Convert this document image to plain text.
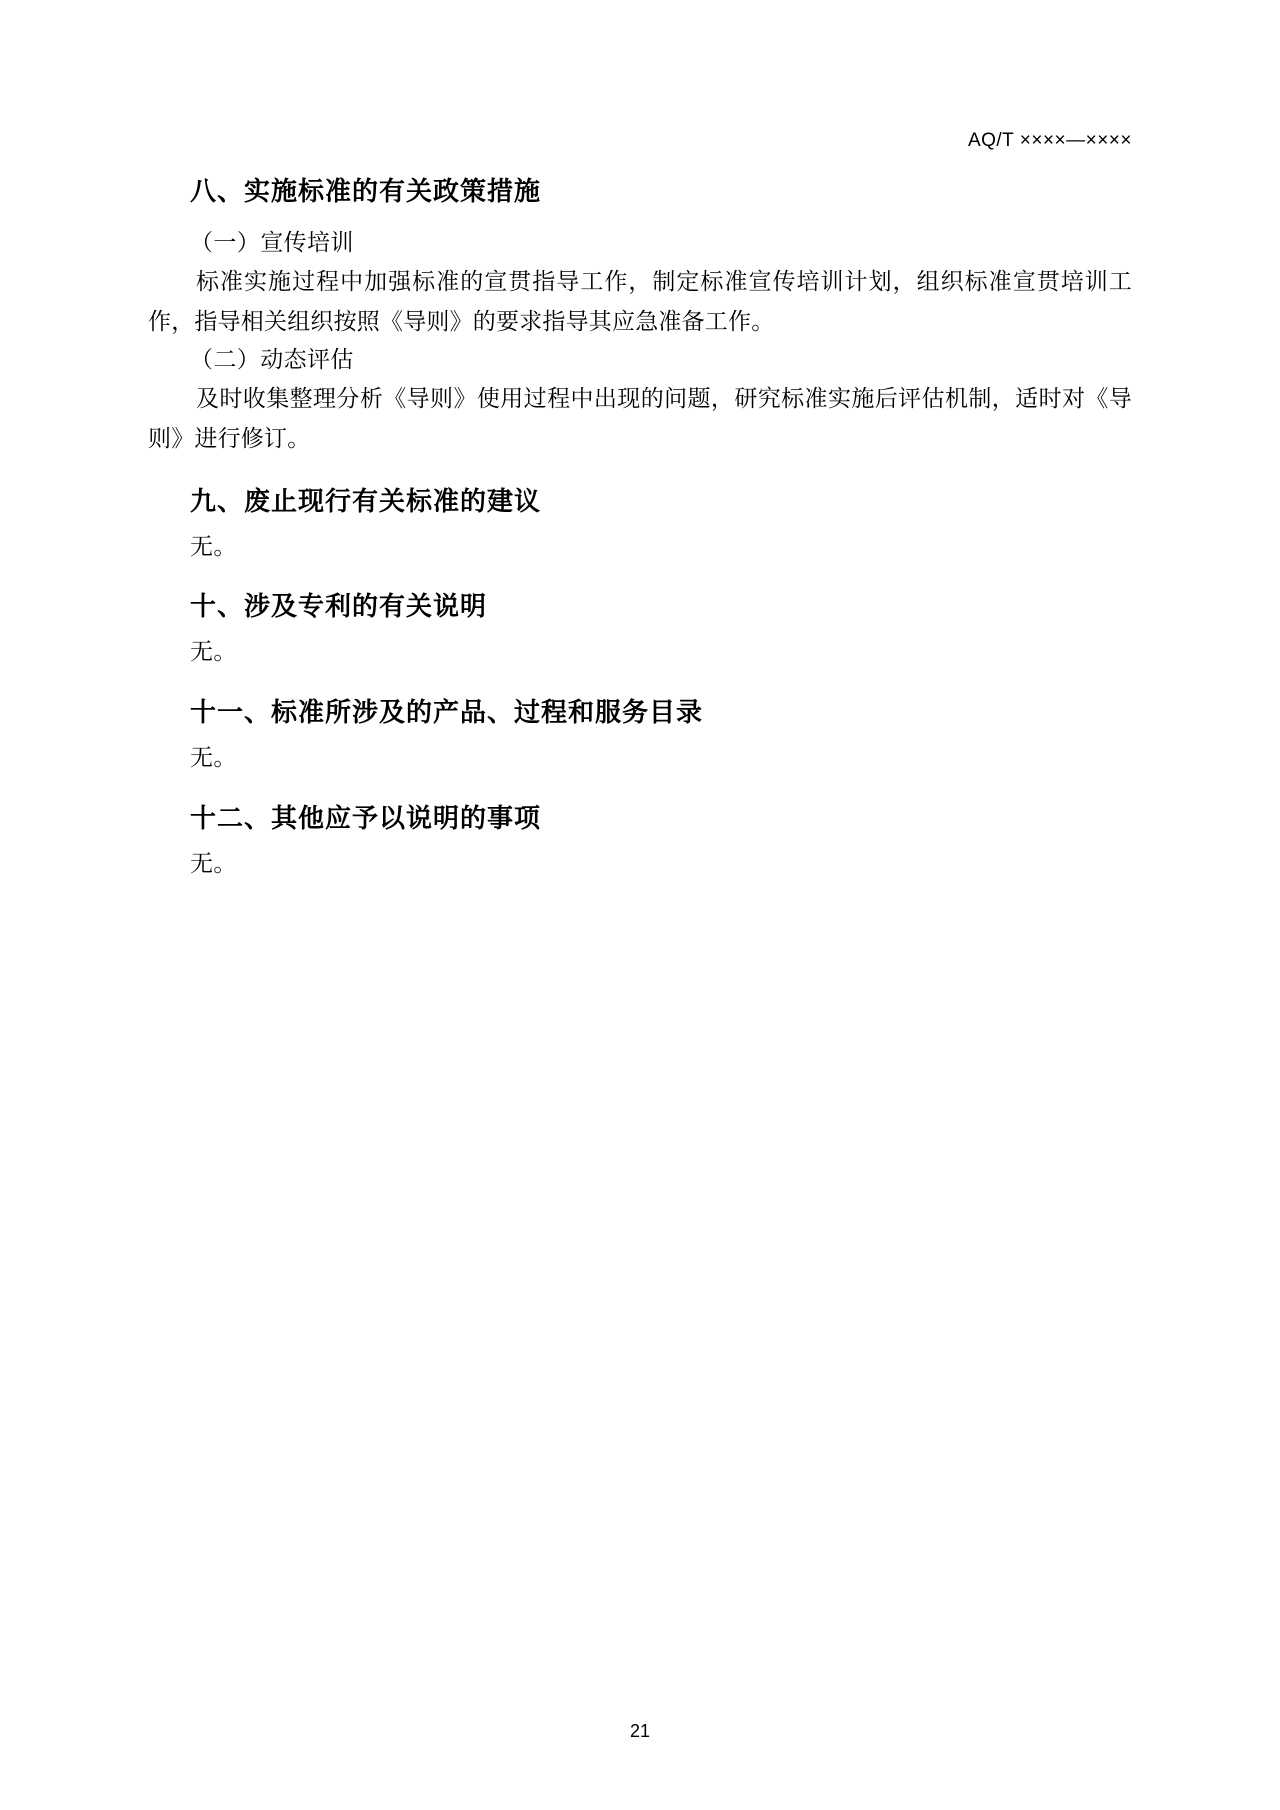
AQ/T ××××—××××
八、实施标准的有关政策措施

（一）宣传培训

标准实施过程中加强标准的宣贯指导工作，制定标准宣传培训计划，组织标准宣贯培训工作，指导相关组织按照《导则》的要求指导其应急准备工作。

（二）动态评估

及时收集整理分析《导则》使用过程中出现的问题，研究标准实施后评估机制，适时对《导则》进行修订。

九、废止现行有关标准的建议

无。

十、涉及专利的有关说明

无。

十一、标准所涉及的产品、过程和服务目录

无。

十二、其他应予以说明的事项

无。

21
